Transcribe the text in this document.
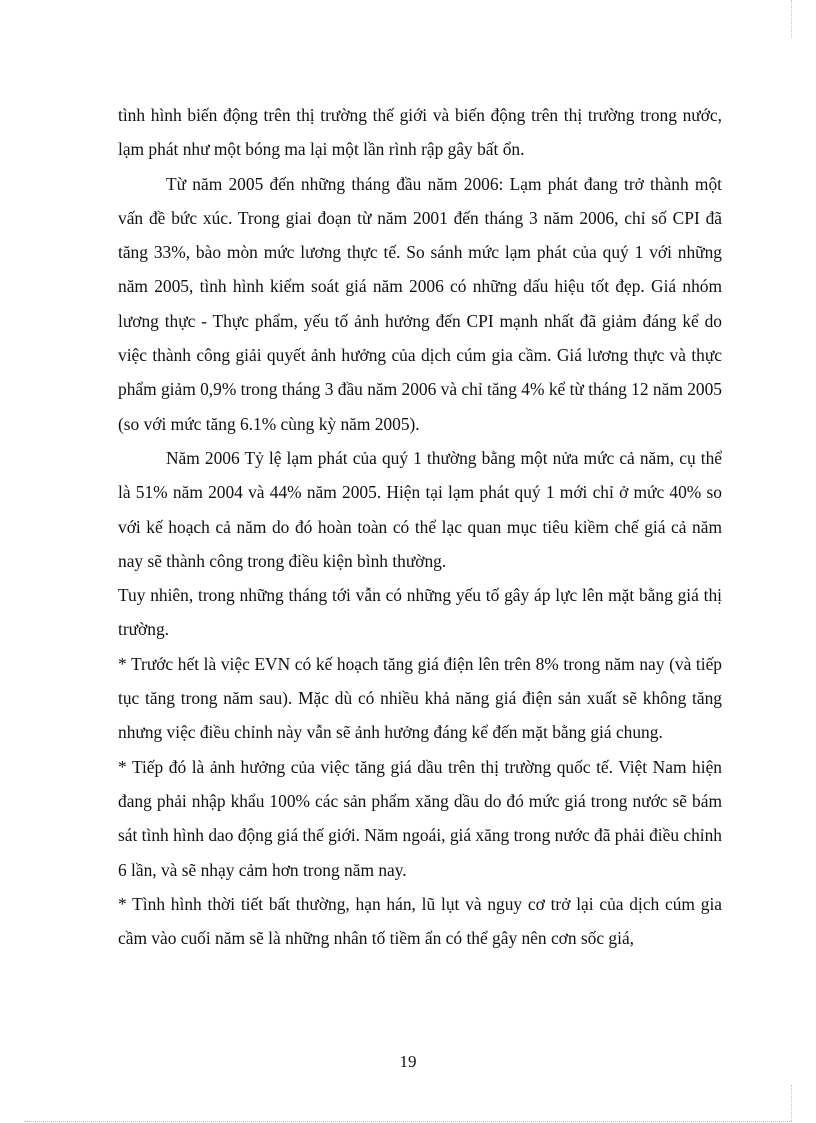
tình hình biến động trên thị trường thế giới và biến động trên thị trường trong nước, lạm phát như một bóng ma lại một lần rình rập gây bất ổn.

Từ năm 2005 đến những tháng đầu năm 2006: Lạm phát đang trở thành một vấn đề bức xúc. Trong giai đoạn từ năm 2001 đến tháng 3 năm 2006, chỉ số CPI đã tăng 33%, bào mòn mức lương thực tế. So sánh mức lạm phát của quý 1 với những năm 2005, tình hình kiểm soát giá năm 2006 có những dấu hiệu tốt đẹp. Giá nhóm lương thực - Thực phẩm, yếu tố ảnh hưởng đến CPI mạnh nhất đã giảm đáng kể do việc thành công giải quyết ảnh hưởng của dịch cúm gia cầm. Giá lương thực và thực phẩm giảm 0,9% trong tháng 3 đầu năm 2006 và chỉ tăng 4% kể từ tháng 12 năm 2005 (so với mức tăng 6.1% cùng kỳ năm 2005).

Năm 2006 Tỷ lệ lạm phát của quý 1 thường bằng một nửa mức cả năm, cụ thể là 51% năm 2004 và 44% năm 2005. Hiện tại lạm phát quý 1 mới chỉ ở mức 40% so với kế hoạch cả năm do đó hoàn toàn có thể lạc quan mục tiêu kiềm chế giá cả năm nay sẽ thành công trong điều kiện bình thường.

Tuy nhiên, trong những tháng tới vẫn có những yếu tố gây áp lực lên mặt bằng giá thị trường.

* Trước hết là việc EVN có kế hoạch tăng giá điện lên trên 8% trong năm nay (và tiếp tục tăng trong năm sau). Mặc dù có nhiều khả năng giá điện sản xuất sẽ không tăng nhưng việc điều chỉnh này vẫn sẽ ảnh hưởng đáng kể đến mặt bằng giá chung.

* Tiếp đó là ảnh hưởng của việc tăng giá dầu trên thị trường quốc tế. Việt Nam hiện đang phải nhập khẩu 100% các sản phẩm xăng dầu do đó mức giá trong nước sẽ bám sát tình hình dao động giá thế giới. Năm ngoái, giá xăng trong nước đã phải điều chỉnh 6 lần, và sẽ nhạy cảm hơn trong năm nay.

* Tình hình thời tiết bất thường, hạn hán, lũ lụt và nguy cơ trở lại của dịch cúm gia cầm vào cuối năm sẽ là những nhân tố tiềm ẩn có thể gây nên cơn sốc giá,

19
